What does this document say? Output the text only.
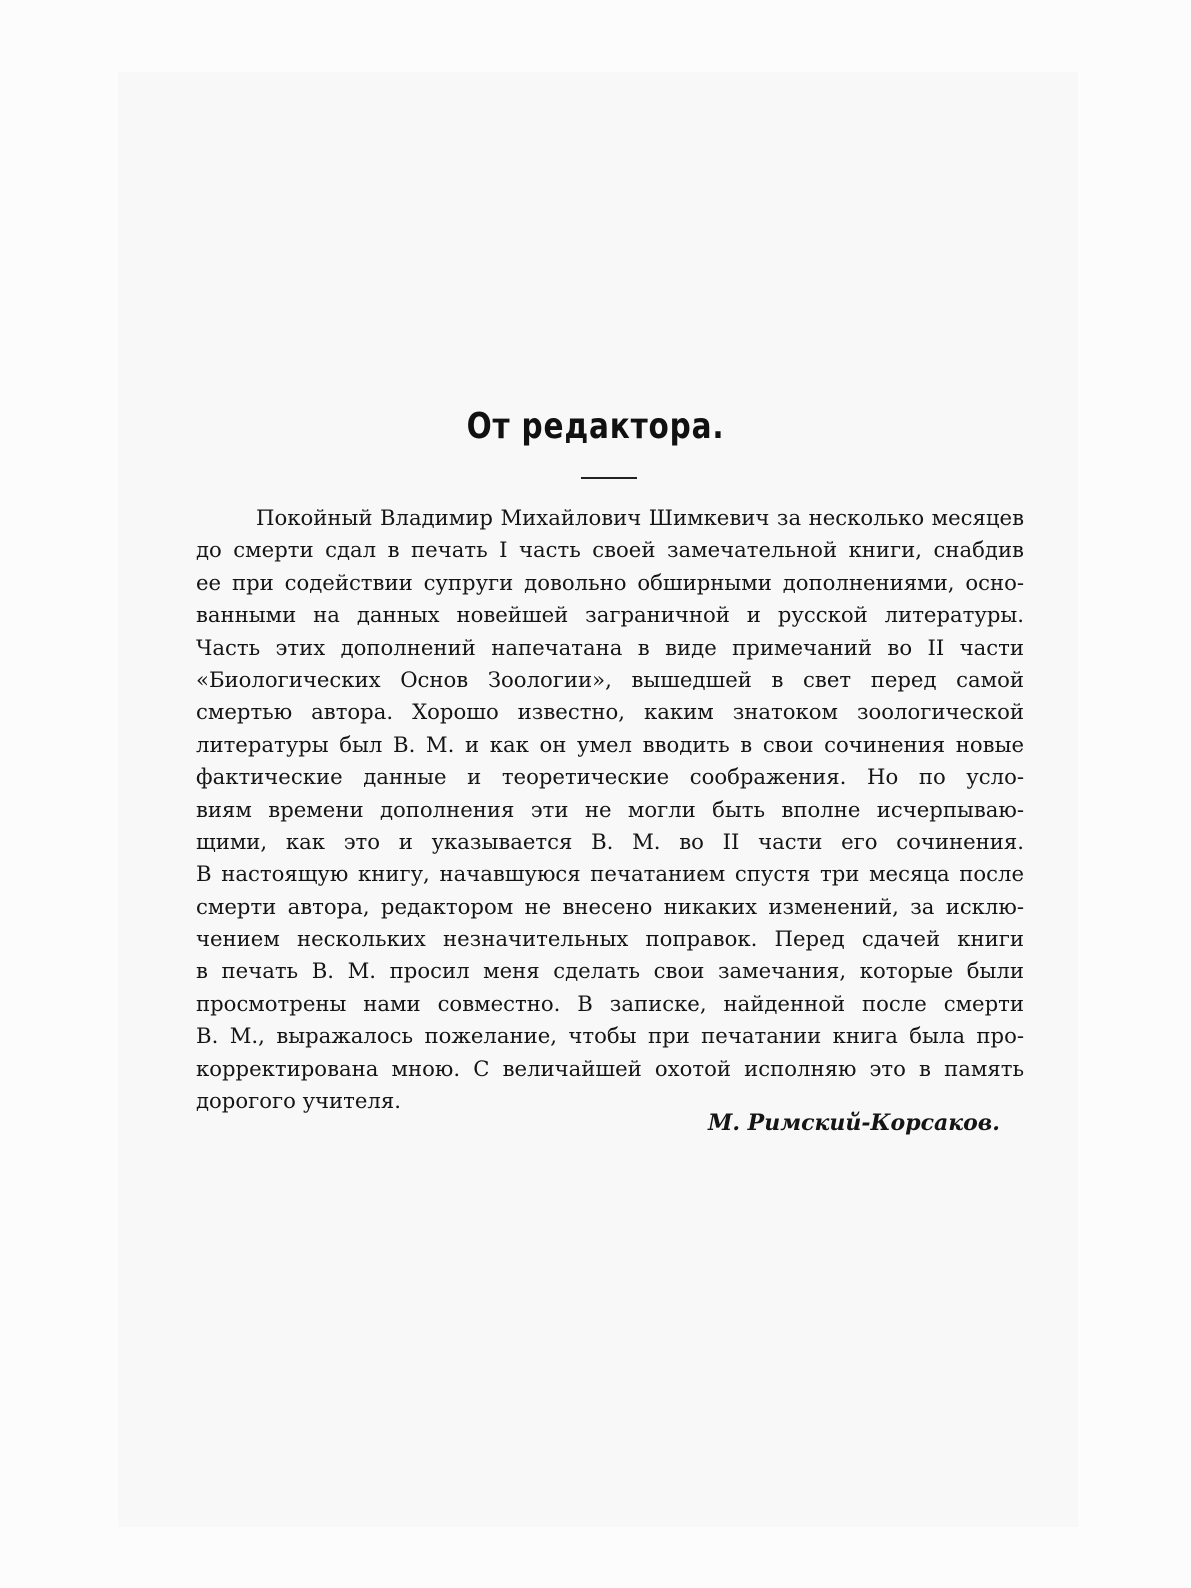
От редактора.
Покойный Владимир Михайлович Шимкевич за несколько месяцев
до смерти сдал в печать I часть своей замечательной книги, снабдив
ее при содействии супруги довольно обширными дополнениями, осно-
ванными на данных новейшей заграничной и русской литературы.
Часть этих дополнений напечатана в виде примечаний во II части
«Биологических Основ Зоологии», вышедшей в свет перед самой
смертью автора. Хорошо известно, каким знатоком зоологической
литературы был В. М. и как он умел вводить в свои сочинения новые
фактические данные и теоретические соображения. Но по усло-
виям времени дополнения эти не могли быть вполне исчерпываю-
щими, как это и указывается В. М. во II части его сочинения.
В настоящую книгу, начавшуюся печатанием спустя три месяца после
смерти автора, редактором не внесено никаких изменений, за исклю-
чением нескольких незначительных поправок. Перед сдачей книги
в печать В. М. просил меня сделать свои замечания, которые были
просмотрены нами совместно. В записке, найденной после смерти
В. М., выражалось пожелание, чтобы при печатании книга была про-
корректирована мною. С величайшей охотой исполняю это в память
дорогого учителя.
М. Римский-Корсаков.
